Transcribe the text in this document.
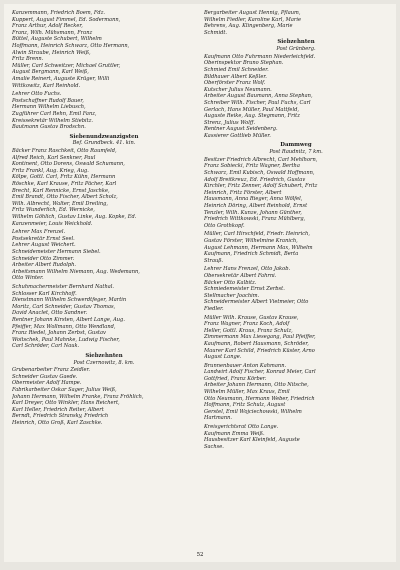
Kanzemmann, Friedrich Boem, Fdz.
Kuppert, August Fimmel, Ed. Sodermann,
Franz Arthur, Adolf Recker,
Franz, Wilh. Mühsmann, Franz
Büttel, Auguste Schubert, Wilhelm
Hoffmann, Heinrich Schwarz, Otto Hermann,
Alwin Straube, Heinrich Weiß,
Fritz Brenn.
Müller, Carl Schweitzer, Michael Gruttler,
August Bergmann, Karl Weiß,
Amalie Reinert, Auguste Krüger, Willi
Wittkowitz, Karl Reinhold.
Lehrer Otto Fuchs.
Postschaffner Rudolf Bauer,
Hermann Wilhelm Liebusch,
Zugführer Carl Rehn, Emil Fanz,
Kreissekretär Wilhelm Stiebitz.
Bautmann Gustav Brodschn.
Siebenundzwanzigsten
Bef. Grundbeck. 41. kin.
Bäcker Franz Raschkeit, Otto Raumfeld,
Alfred Reich, Karl Senkner, Paul
Kontinent, Otto Dorens, Oswald Schumann,
Fritz Frankl, Aug. Krieg, Aug.
Kölpe, Gottl. Carl, Fritz Kühn, Hermann
Röschke, Karl Krause, Fritz Pächer, Karl
Brecht, Karl Rennicke, Ernst Jaschke,
Emil Brandt, Otto Fischer, Albert Scholz,
Wilh. Albrecht, Walter, Emil Dreiling,
Fritz Wunderlich, Ed. Wernicke,
Wilhelm Göhlich, Gustav Linke, Aug. Kopke, Ed.
Kanzenmeier, Louis Weickhold.
Lehrer Max Frenzel.
Postsekretär Ernst Seel.
Lehrer August Weichert.
Schneidemeister Hermann Siebel.
Schneider Otto Zimmer.
Arbeiter Albert Rudolph.
Arbeitsmann Wilhelm Niemann, Aug. Wedemann,
Otto Winter.
Schuhmachermeister Bernhard Nathal.
Schlosser Karl Kirchhoff.
Dienstmann Wilhelm Schwerdtfeger, Martin
Moritz, Carl Schneider, Gustav Thomas,
David Anaclet, Otto Sandner.
Rentner Johann Kirsten, Albert Lange, Aug.
Pfeiffer, Max Wollmann, Otto Wendland,
Franz Riedel, Johann Zerbst, Gustav
Woitschek, Paul Mahnke, Ludwig Fischer,
Carl Schröder, Carl Nauk.
Siebzehnten
Post Czernowitz, 8. km.
Grubenarbeiter Franz Zeidler.
Schneider Gustav Gaede.
Obermeister Adolf Hampe.
Fabrikarbeiter Oskar Sager, Julius Weiß,
Johann Hermann, Wilhelm Franke, Franz Fröhlich,
Karl Dreyer, Otto Winkler, Hans Reichert,
Karl Heller, Friedrich Reiter, Albert
Berndt, Friedrich Stransky, Friedrich
Heinrich, Otto Groß, Karl Zaschke.
Bergarbeiter August Hennig, Pflaum,
Wilhelm Fiedler, Karoline Karl, Marie
Behrens, Aug. Klingenberg, Marie
Schmidt.
Siebzehnten
Post Grünberg.
Kaufmann Otto Fuhrmann Niederleichfeld.
Oberinspektor Bruno Stephan.
Schmied Emil Schneider.
Bildhauer Albert Keßler.
Oberförster Franz Wolf.
Kutscher Julius Neumann.
Arbeiter August Baumann, Anna Stephan,
Schreiber Wilh. Fischer, Paul Fuchs, Carl
Gerlach, Hans Müller, Paul Mattfeld,
Auguste Reike, Aug. Stegmann, Fritz
Strenz, Julius Wolff.
Rentner August Seidenberg.
Kassierer Gottlieb Müller.
Dammweg
Post Raudnitz, 7 km.
Besitzer Friedrich Albrecht, Carl Mehlhorn,
Franz Sobiecki, Fritz Wagner, Bertha
Schwarz, Emil Kubisch, Oswald Hoffmann,
Adolf Breitkreuz, Ed. Friedrich, Gustav
Kirchler, Fritz Zenner, Adolf Schubert, Fritz
Heinrich, Fritz Förster, Albert
Hausmann, Anna Rieger, Anna Wölfel,
Heinrich Döring, Albert Reinhold, Ernst
Tenzler, Wilh. Kunze, Johann Günther,
Friedrich Wittkowski, Franz Mühlberg,
Otto Grothkopf.
Müller, Carl Hirschfeld, Friedr. Heinrich,
Gustav Förster, Wilhelmine Kranich,
August Lehmann, Hermann Max, Wilhelm
Kaufmann, Friedrich Schmidt, Berta
Strauß.
Lehrer Hans Frenzel, Otto Jakob.
Obersekretär Albert Fahrni.
Bäcker Otto Kalbitz.
Schmiedemeister Ernst Zerbst.
Stellmacher Joachim.
Schneidermeister Albert Vietmeier, Otto
Fiedler.
Müller Wilh. Krause, Gustav Krause,
Franz Wagner, Franz Koch, Adolf
Heller, Gottl. Kraus, Franz Schulz,
Zimmermann Max Liesegang, Paul Pfeiffer,
Kaufmann, Robert Hausmann, Schröder,
Maurer Karl Schild, Friedrich Küster, Arno
August Lange.
Brunnenbauer Anton Kahmann.
Landwirt Adolf Fischer, Konrad Meier, Carl
Gottfried, Franz Körber.
Arbeiter Johann Hermann, Otto Nitsche,
Wilhelm Müller, Max Kraus, Emil
Otto Neumann, Hermann Weber, Friedrich
Hoffmann, Fritz Schulz, August
Gerstel, Emil Wojciechowski, Wilhelm
Hartmann.
Kreisgerichtsrat Otto Lange.
Kaufmann Emma Weiß.
Hausbesitzer Karl Kleinfeld, Auguste
Sachse.
52
